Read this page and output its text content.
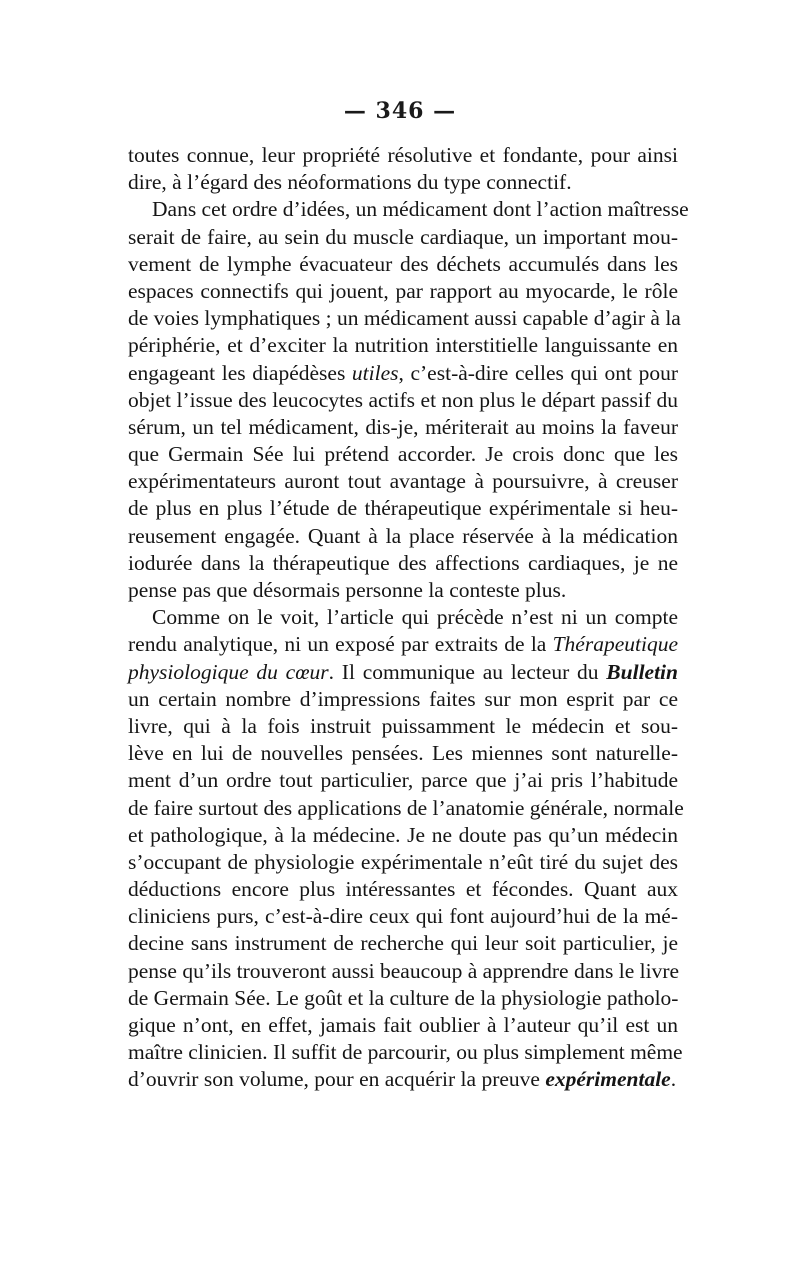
— 346 —
toutes connue, leur propriété résolutive et fondante, pour ainsi
dire, à l’égard des néoformations du type connectif.
Dans cet ordre d’idées, un médicament dont l’action maîtresse
serait de faire, au sein du muscle cardiaque, un important mou-
vement de lymphe évacuateur des déchets accumulés dans les
espaces connectifs qui jouent, par rapport au myocarde, le rôle
de voies lymphatiques ; un médicament aussi capable d’agir à la
périphérie, et d’exciter la nutrition interstitielle languissante en
engageant les diapédèses utiles, c’est-à-dire celles qui ont pour
objet l’issue des leucocytes actifs et non plus le départ passif du
sérum, un tel médicament, dis-je, mériterait au moins la faveur
que Germain Sée lui prétend accorder. Je crois donc que les
expérimentateurs auront tout avantage à poursuivre, à creuser
de plus en plus l’étude de thérapeutique expérimentale si heu-
reusement engagée. Quant à la place réservée à la médication
iodurée dans la thérapeutique des affections cardiaques, je ne
pense pas que désormais personne la conteste plus.
Comme on le voit, l’article qui précède n’est ni un compte
rendu analytique, ni un exposé par extraits de la Thérapeutique
physiologique du cœur. Il communique au lecteur du Bulletin
un certain nombre d’impressions faites sur mon esprit par ce
livre, qui à la fois instruit puissamment le médecin et sou-
lève en lui de nouvelles pensées. Les miennes sont naturelle-
ment d’un ordre tout particulier, parce que j’ai pris l’habitude
de faire surtout des applications de l’anatomie générale, normale
et pathologique, à la médecine. Je ne doute pas qu’un médecin
s’occupant de physiologie expérimentale n’eût tiré du sujet des
déductions encore plus intéressantes et fécondes. Quant aux
cliniciens purs, c’est-à-dire ceux qui font aujourd’hui de la mé-
decine sans instrument de recherche qui leur soit particulier, je
pense qu’ils trouveront aussi beaucoup à apprendre dans le livre
de Germain Sée. Le goût et la culture de la physiologie patholo-
gique n’ont, en effet, jamais fait oublier à l’auteur qu’il est un
maître clinicien. Il suffit de parcourir, ou plus simplement même
d’ouvrir son volume, pour en acquérir la preuve expérimentale.
